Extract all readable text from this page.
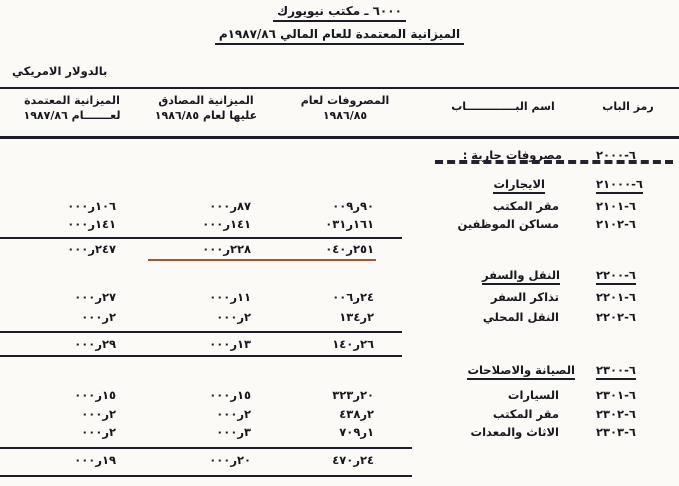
٦٠٠٠ ـ مكتب نيويورك
الميزانية المعتمدة للعام المالي ١٩٨٧/٨٦م
بالدولار الامريكي
رمز الباب
اسم البـــــــــــــاب
المصروفات لعام
١٩٨٦/٨٥
الميزانية المصادق
عليها لعام ١٩٨٦/٨٥
الميزانية المعتمدة
لعـــــــام ١٩٨٧/٨٦
٦-٢٠٠٠
مصروفات جارية :
٦-٢١٠٠٠
الايجارات
٦-٢١٠١
مقر المكتب
٩٠ر٠٠٩
٨٧ر٠٠٠
١٠٦ر٠٠٠
٦-٢١٠٢
مساكن الموظفين
١٦١ر٠٣١
١٤١ر٠٠٠
١٤١ر٠٠٠
٢٥١ر٠٤٠
٢٢٨ر٠٠٠
٢٤٧ر٠٠٠
٦-٢٢٠٠
النقل والسفر
٦-٢٢٠١
تذاكر السفر
٢٤ر٠٠٦
١١ر٠٠٠
٢٧ر٠٠٠
٦-٢٢٠٢
النقل المحلي
٢ر١٣٤
٢ر٠٠٠
٢ر٠٠٠
٢٦ر١٤٠
١٣ر٠٠٠
٢٩ر٠٠٠
٦-٢٣٠٠
الصيانة والاصلاحات
٦-٢٣٠١
السيارات
٢٠ر٣٢٣
١٥ر٠٠٠
١٥ر٠٠٠
٦-٢٣٠٢
مقر المكتب
٢ر٤٣٨
٢ر٠٠٠
٢ر٠٠٠
٦-٢٣٠٣
الاثاث والمعدات
١ر٧٠٩
٣ر٠٠٠
٢ر٠٠٠
٢٤ر٤٧٠
٢٠ر٠٠٠
١٩ر٠٠٠
